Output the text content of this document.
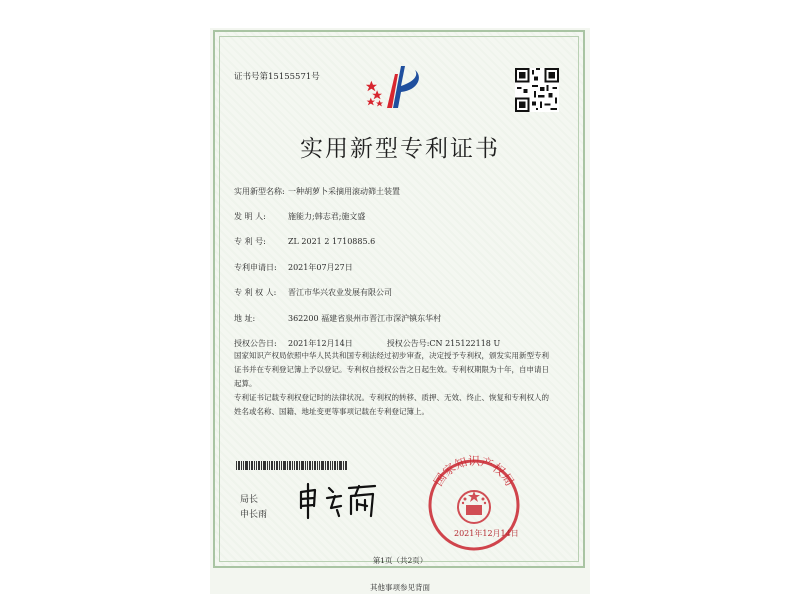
证书号第15155571号
实用新型专利证书
实用新型名称: 一种胡萝卜采摘用滚动筛土装置
发 明 人:	施能力;韩志君;施文盛
专 利 号:	ZL 2021 2 1710885.6
专利申请日: 2021年07月27日
专 利 权 人: 晋江市华兴农业发展有限公司
地 址:	362200 福建省泉州市晋江市深沪镇东华村
授权公告日: 2021年12月14日	授权公告号:CN 215122118 U
国家知识产权局依照中华人民共和国专利法经过初步审查，决定授予专利权，颁发实用新型专利证书并在专利登记簿上予以登记。专利权自授权公告之日起生效。专利权期限为十年，自申请日起算。
专利证书记载专利权登记时的法律状况。专利权的转移、质押、无效、终止、恢复和专利权人的姓名或名称、国籍、地址变更等事项记载在专利登记簿上。
局长
申长雨
国家知识产权局
2021年12月14日
第1页（共2页）
其他事项参见背面
